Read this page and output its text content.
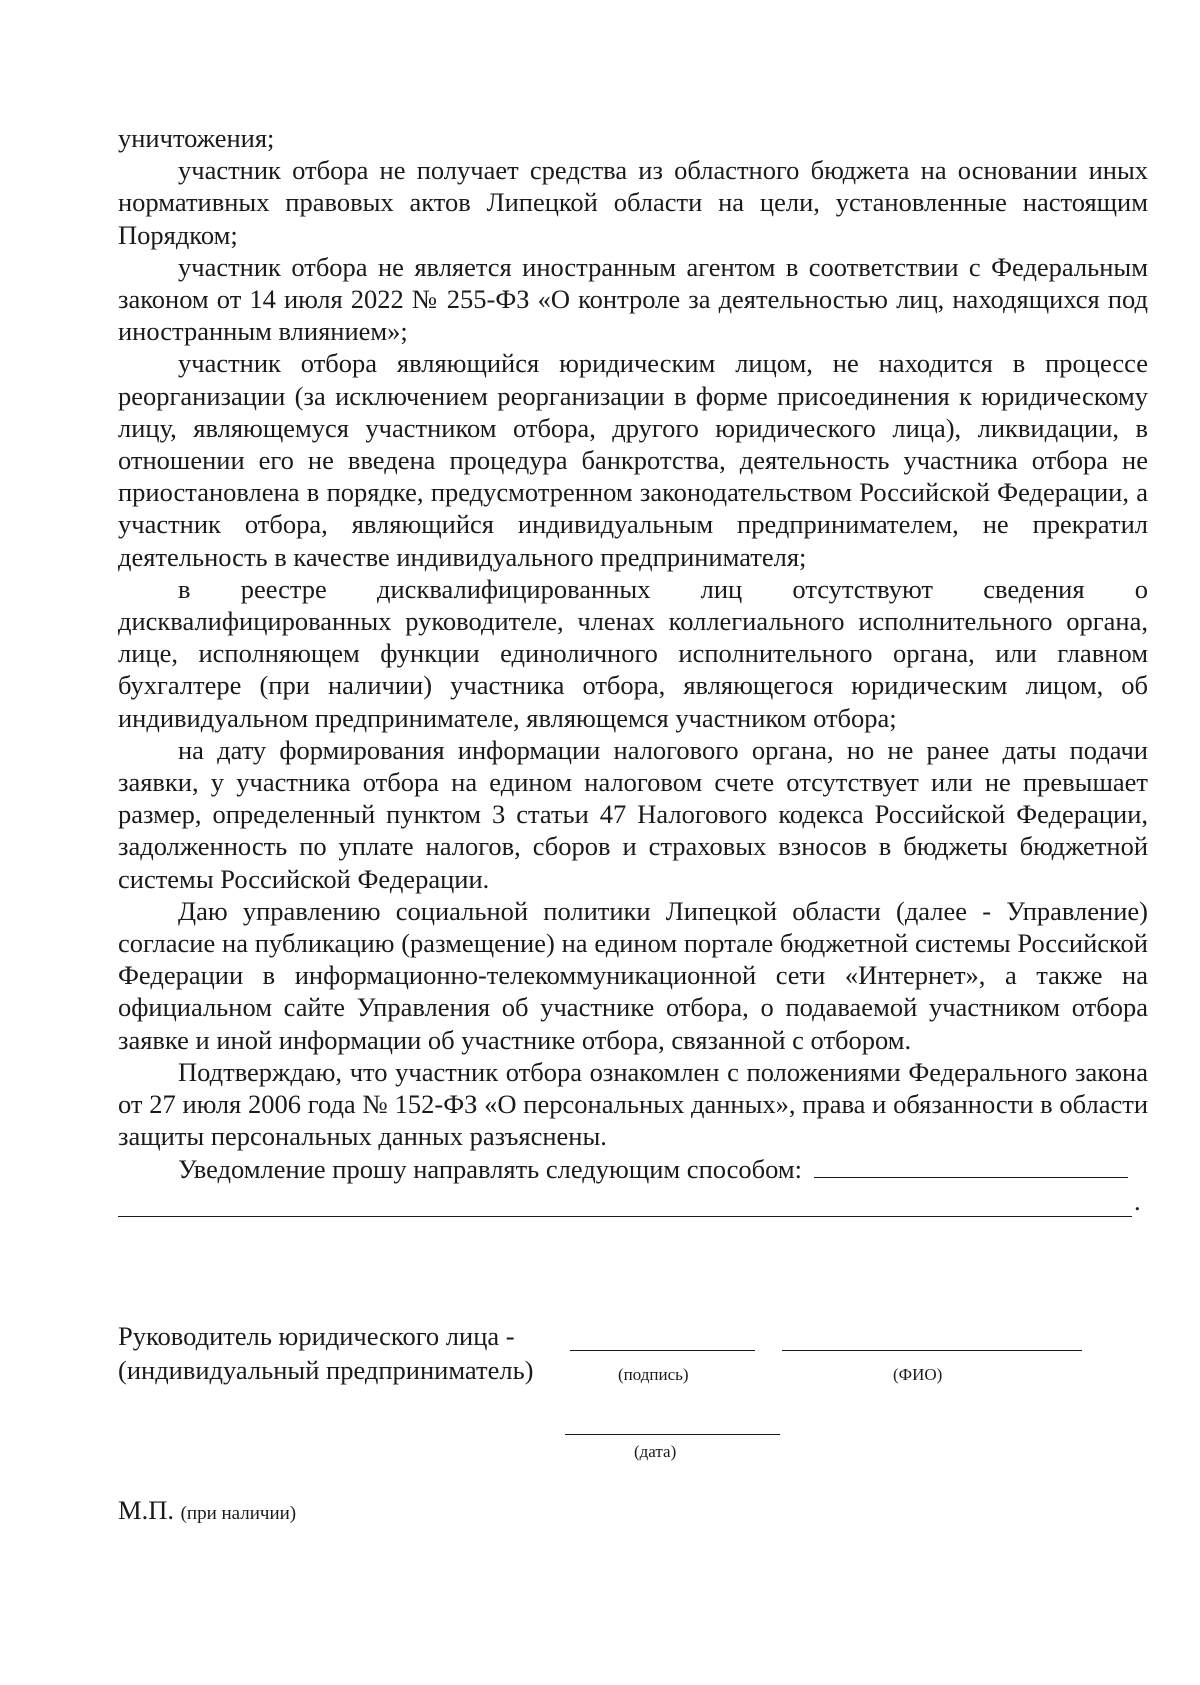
уничтожения;

участник отбора не получает средства из областного бюджета на основании иных нормативных правовых актов Липецкой области на цели, установленные настоящим Порядком;

участник отбора не является иностранным агентом в соответствии с Федеральным законом от 14 июля 2022 № 255-ФЗ «О контроле за деятельностью лиц, находящихся под иностранным влиянием»;

участник отбора являющийся юридическим лицом, не находится в процессе реорганизации (за исключением реорганизации в форме присоединения к юридическому лицу, являющемуся участником отбора, другого юридического лица), ликвидации, в отношении его не введена процедура банкротства, деятельность участника отбора не приостановлена в порядке, предусмотренном законодательством Российской Федерации, а участник отбора, являющийся индивидуальным предпринимателем, не прекратил деятельность в качестве индивидуального предпринимателя;

в реестре дисквалифицированных лиц отсутствуют сведения о дисквалифицированных руководителе, членах коллегиального исполнительного органа, лице, исполняющем функции единоличного исполнительного органа, или главном бухгалтере (при наличии) участника отбора, являющегося юридическим лицом, об индивидуальном предпринимателе, являющемся участником отбора;

на дату формирования информации налогового органа, но не ранее даты подачи заявки, у участника отбора на едином налоговом счете отсутствует или не превышает размер, определенный пунктом 3 статьи 47 Налогового кодекса Российской Федерации, задолженность по уплате налогов, сборов и страховых взносов в бюджеты бюджетной системы Российской Федерации.

Даю управлению социальной политики Липецкой области (далее - Управление) согласие на публикацию (размещение) на едином портале бюджетной системы Российской Федерации в информационно-телекоммуникационной сети «Интернет», а также на официальном сайте Управления об участнике отбора, о подаваемой участником отбора заявке и иной информации об участнике отбора, связанной с отбором.

Подтверждаю, что участник отбора ознакомлен с положениями Федерального закона от 27 июля 2006 года № 152-ФЗ «О персональных данных», права и обязанности в области защиты персональных данных разъяснены.

Уведомление прошу направлять следующим способом:
.
Руководитель юридического лица -
(индивидуальный предприниматель)	(подпись)	(ФИО)
(дата)
М.П. (при наличии)
